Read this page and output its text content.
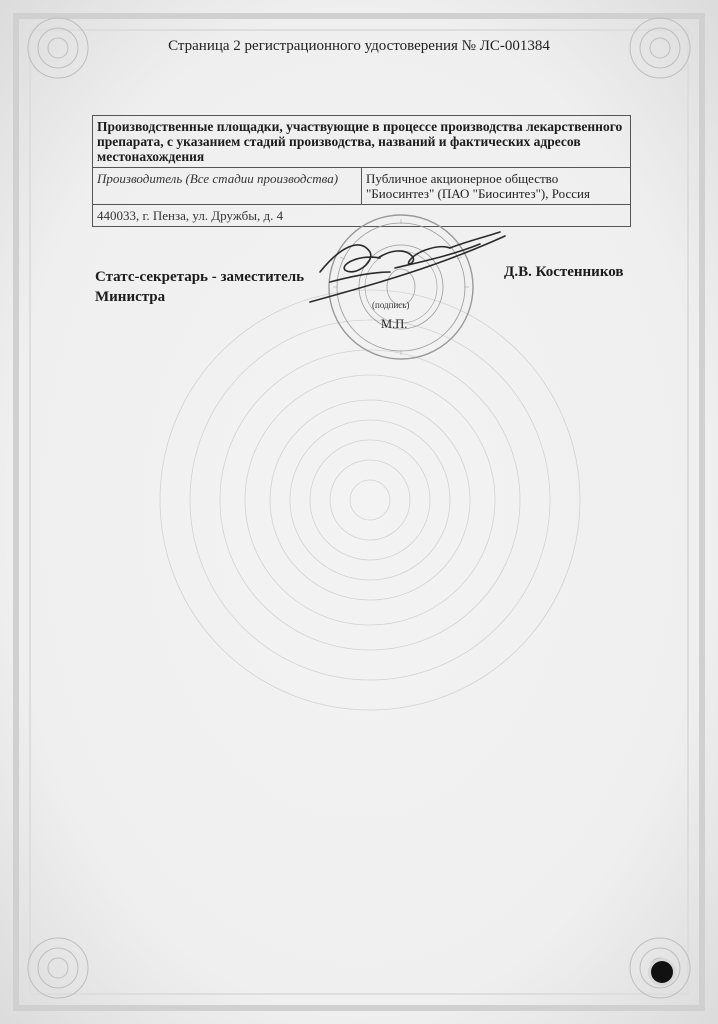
Страница 2 регистрационного удостоверения № ЛС-001384
Производственные площадки, участвующие в процессе производства лекарственного препарата, с указанием стадий производства, названий и фактических адресов местонахождения
Производитель (Все стадии производства)	Публичное акционерное общество
"Биосинтез" (ПАО "Биосинтез"), Россия

440033, г. Пенза, ул. Дружбы, д. 4
Статс-секретарь - заместитель
Министра
Д.В. Костенников
(подпись)
М.П.
